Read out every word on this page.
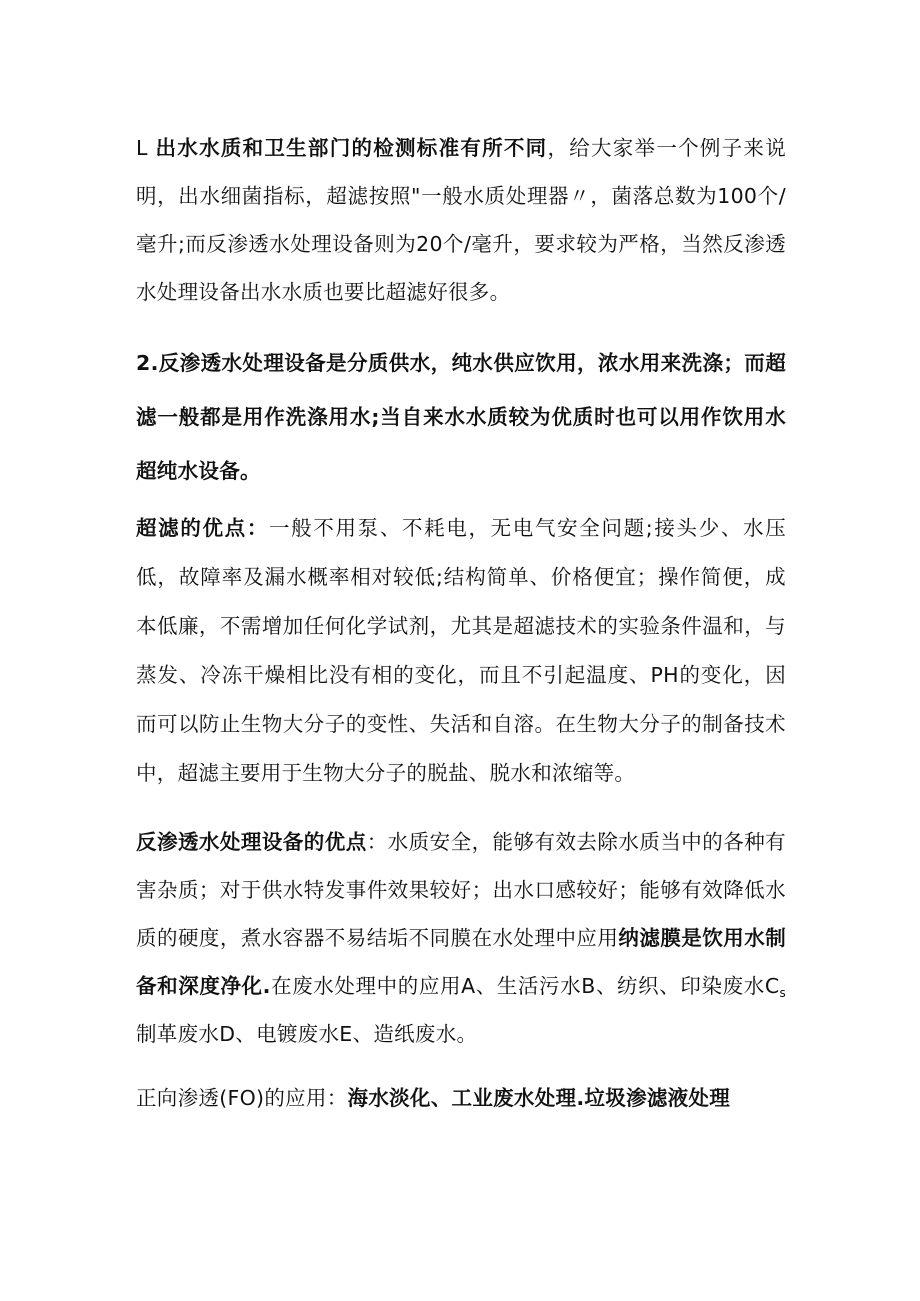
L 出水水质和卫生部门的检测标准有所不同，给大家举一个例子来说明，出水细菌指标，超滤按照"一般水质处理器〃，菌落总数为100个/毫升;而反渗透水处理设备则为20个/毫升，要求较为严格，当然反渗透水处理设备出水水质也要比超滤好很多。

2.反渗透水处理设备是分质供水，纯水供应饮用，浓水用来洗涤；而超滤一般都是用作洗涤用水;当自来水水质较为优质时也可以用作饮用水超纯水设备。

超滤的优点：一般不用泵、不耗电，无电气安全问题;接头少、水压低，故障率及漏水概率相对较低;结构简单、价格便宜；操作简便，成本低廉，不需增加任何化学试剂，尤其是超滤技术的实验条件温和，与蒸发、冷冻干燥相比没有相的变化，而且不引起温度、PH的变化，因而可以防止生物大分子的变性、失活和自溶。在生物大分子的制备技术中，超滤主要用于生物大分子的脱盐、脱水和浓缩等。

反渗透水处理设备的优点：水质安全，能够有效去除水质当中的各种有害杂质；对于供水特发事件效果较好；出水口感较好；能够有效降低水质的硬度，煮水容器不易结垢不同膜在水处理中应用纳滤膜是饮用水制备和深度净化.在废水处理中的应用A、生活污水B、纺织、印染废水$C_s$制革废水D、电镀废水E、造纸废水。

正向渗透(FO)的应用：海水淡化、工业废水处理.垃圾渗滤液处理
